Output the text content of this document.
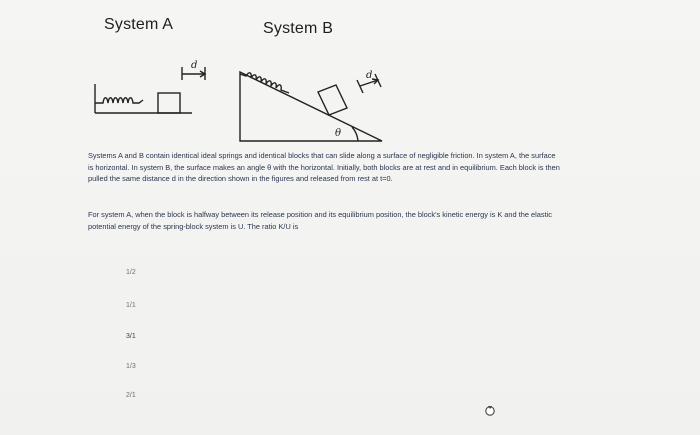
System A	System B
d
θ
d
Systems A and B contain identical ideal springs and identical blocks that can slide along a surface of negligible friction. In system A, the surface
is horizontal. In system B, the surface makes an angle θ with the horizontal. Initially, both blocks are at rest and in equilibrium. Each block is then
pulled the same distance d in the direction shown in the figures and released from rest at t=0.
For system A, when the block is halfway between its release position and its equilibrium position, the block's kinetic energy is K and the elastic
potential energy of the spring-block system is U. The ratio K/U is
1/2
1/1
3/1
1/3
2/1
